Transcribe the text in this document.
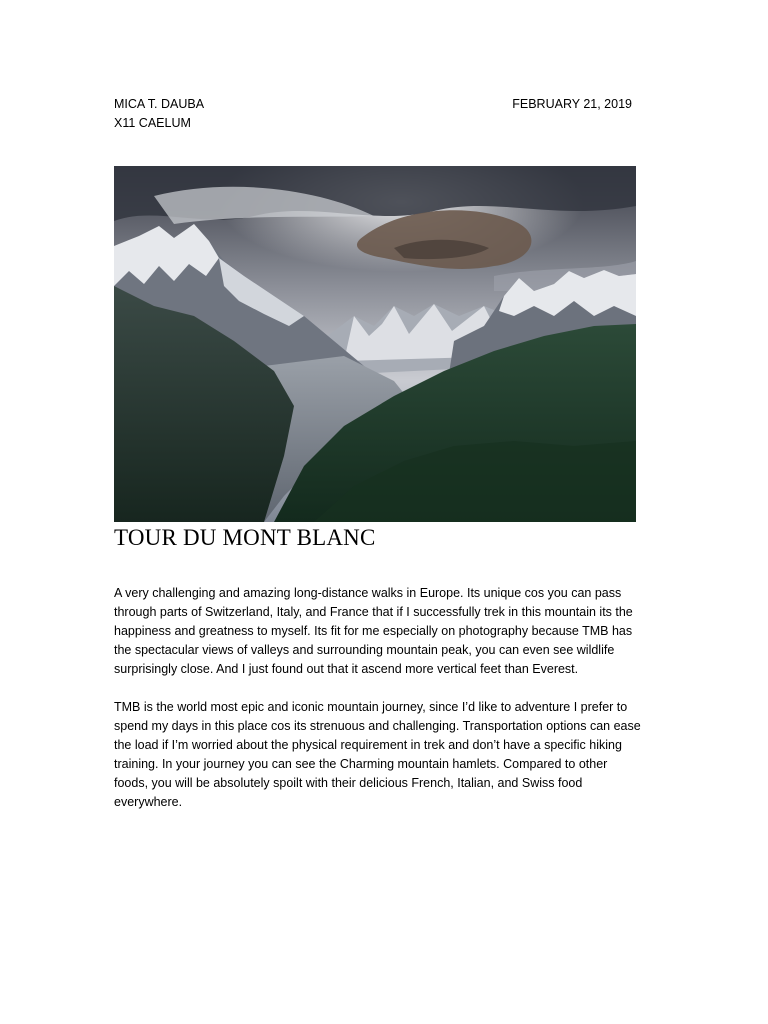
MICA T. DAUBA	FEBRUARY 21, 2019
X11 CAELUM
TOUR DU MONT BLANC

A very challenging and amazing long-distance walks in Europe. Its unique cos you can pass through parts of Switzerland, Italy, and France that if I successfully trek in this mountain its the happiness and greatness to myself. Its fit for me especially on photography because TMB has the spectacular views of valleys and surrounding mountain peak, you can even see wildlife surprisingly close. And I just found out that it ascend more vertical feet than Everest.

TMB is the world most epic and iconic mountain journey, since I’d like to adventure I prefer to spend my days in this place cos its strenuous and challenging. Transportation options can ease the load if I’m worried about the physical requirement in trek and don’t have a specific hiking training. In your journey you can see the Charming mountain hamlets. Compared to other foods, you will be absolutely spoilt with their delicious French, Italian, and Swiss food everywhere.
